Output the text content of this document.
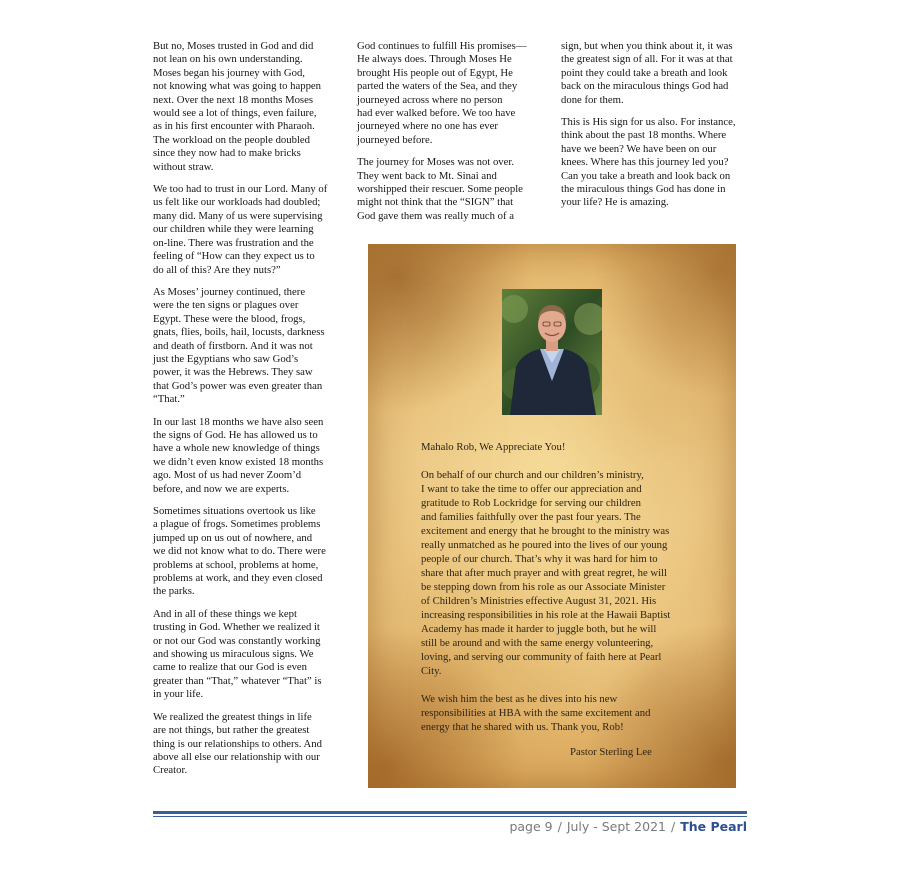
But no, Moses trusted in God and did
not lean on his own understanding.
Moses began his journey with God,
not knowing what was going to happen
next. Over the next 18 months Moses
would see a lot of things, even failure,
as in his first encounter with Pharaoh.
The workload on the people doubled
since they now had to make bricks
without straw.

We too had to trust in our Lord. Many of
us felt like our workloads had doubled;
many did. Many of us were supervising
our children while they were learning
on-line. There was frustration and the
feeling of “How can they expect us to
do all of this? Are they nuts?”

As Moses’ journey continued, there
were the ten signs or plagues over
Egypt. These were the blood, frogs,
gnats, flies, boils, hail, locusts, darkness
and death of firstborn. And it was not
just the Egyptians who saw God’s
power, it was the Hebrews. They saw
that God’s power was even greater than
“That.”

In our last 18 months we have also seen
the signs of God. He has allowed us to
have a whole new knowledge of things
we didn’t even know existed 18 months
ago. Most of us had never Zoom’d
before, and now we are experts.

Sometimes situations overtook us like
a plague of frogs. Sometimes problems
jumped up on us out of nowhere, and
we did not know what to do. There were
problems at school, problems at home,
problems at work, and they even closed
the parks.

And in all of these things we kept
trusting in God. Whether we realized it
or not our God was constantly working
and showing us miraculous signs. We
came to realize that our God is even
greater than “That,” whatever “That” is
in your life.

We realized the greatest things in life
are not things, but rather the greatest
thing is our relationships to others. And
above all else our relationship with our
Creator.

God continues to fulfill His promises—
He always does. Through Moses He
brought His people out of Egypt, He
parted the waters of the Sea, and they
journeyed across where no person
had ever walked before. We too have
journeyed where no one has ever
journeyed before.

The journey for Moses was not over.
They went back to Mt. Sinai and
worshipped their rescuer. Some people
might not think that the “SIGN” that
God gave them was really much of a

sign, but when you think about it, it was
the greatest sign of all. For it was at that
point they could take a breath and look
back on the miraculous things God had
done for them.

This is His sign for us also. For instance,
think about the past 18 months. Where
have we been? We have been on our
knees. Where has this journey led you?
Can you take a breath and look back on
the miraculous things God has done in
your life? He is amazing.

Mahalo Rob, We Appreciate You!

On behalf of our church and our children’s ministry,
I want to take the time to offer our appreciation and
gratitude to Rob Lockridge for serving our children
and families faithfully over the past four years. The
excitement and energy that he brought to the ministry was
really unmatched as he poured into the lives of our young
people of our church. That’s why it was hard for him to
share that after much prayer and with great regret, he will
be stepping down from his role as our Associate Minister
of Children’s Ministries effective August 31, 2021. His
increasing responsibilities in his role at the Hawaii Baptist
Academy has made it harder to juggle both, but he will
still be around and with the same energy volunteering,
loving, and serving our community of faith here at Pearl
City.

We wish him the best as he dives into his new
responsibilities at HBA with the same excitement and
energy that he shared with us. Thank you, Rob!

Pastor Sterling Lee
page 9 / July - Sept 2021 / The Pearl
